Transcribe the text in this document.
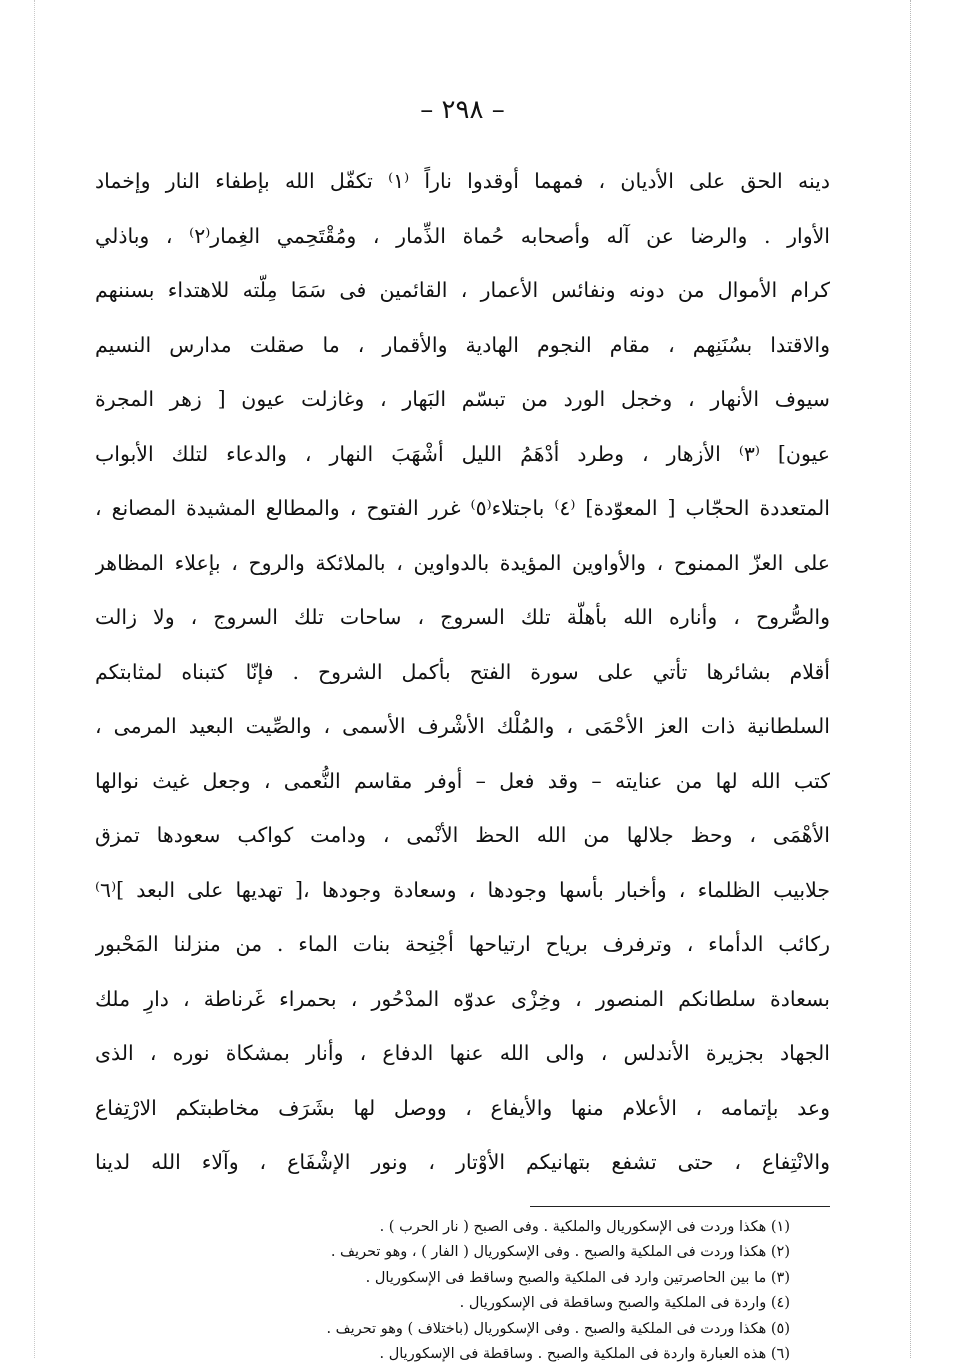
– ٢٩٨ –
دينه الحق على الأديان ، فمهما أوقدوا ناراً ⁽١⁾ تكفّل الله بإطفاء النار وإخماد
الأوار . والرضا عن آله وأصحابه حُماة الذِّمار ، ومُقْتَحِمي الغِمار⁽٢⁾ ، وباذلي
كرام الأموال من دونه ونفائس الأعمار ، القائمين فى سَمَا مِلّته للاهتداء بسننهم
والاقتدا بسُنَنِهم ، مقام النجوم الهادية والأقمار ، ما صقلت مدارس النسيم
سيوف الأنهار ، وخجل الورد من تبسّم البَهار ، وغازلت عيون [ زهر المجرة
عيون] ⁽٣⁾ الأزهار ، وطرد أدْهَمُ الليل أشْهَبَ النهار ، والدعاء لتلك الأبواب
المتعددة الحجّاب [ المعوّدة] ⁽٤⁾ باجتلاء⁽٥⁾ غرر الفتوح ، والمطالع المشيدة المصانع ،
على العزّ الممنوح ، والأواوين المؤيدة بالدواوين ، بالملائكة والروح ، بإعلاء المظاهر
والصُّروح ، وأناره الله بأهلّة تلك السروج ، ساحات تلك السروج ، ولا زالت
أقلام بشائرها تأتي على سورة الفتح بأكمل الشروح . فإنّا كتبناه لمثابتكم
السلطانية ذات العز الأحْمَى ، والمُلْك الأشْرف الأسمى ، والصِّيت البعيد المرمى ،
كتب الله لها من عنايته – وقد فعل – أوفر مقاسم النُّعمى ، وجعل غيث نوالها
الأهْمَى ، وحظ جلالها من الله الحظ الأنْمى ، ودامت كواكب سعودها تمزق
جلابيب الظلماء ، وأخبار بأسها وجودها ، وسعادة وجودها ،[ تهديها على البعد ]⁽٦⁾
ركائب الدأماء ، وترفرف برياح ارتياحها أجْنِحة بنات الماء . من منزلنا المَحْبور
بسعادة سلطانكم المنصور ، وخِزْى عدوّه المدْحُور ، بحمراء غَرناطة ، دارِ ملك
الجهاد بجزيرة الأندلس ، والى الله عنها الدفاع ، وأنار بمشكاة نوره ، الذى
وعد بإتمامه ، الأعلام منها والأيفاع ، ووصل لها بشَرَف مخاطبتكم الارْتِفاع
والانْتِفاع ، حتى تشفع بتهانيكم الأوْتار ، ونور الإشْفَاع ، وآلاء الله لدينا
(١) هكذا وردت فى الإسكوريال والملكية . وفى الصبح ( نار الحرب ) .
(٢) هكذا وردت فى الملكية والصبح . وفى الإسكوريال ( الفار ) ، وهو تحريف .
(٣) ما بين الحاصرتين وارد فى الملكية والصبح وساقط فى الإسكوريال .
(٤) واردة فى الملكية والصبح وساقطة فى الإسكوريال .
(٥) هكذا وردت فى الملكية والصبح . وفى الإسكوريال (باختلاف ) وهو تحريف .
(٦) هذه العبارة واردة فى الملكية والصبح . وساقطة فى الإسكوريال .
